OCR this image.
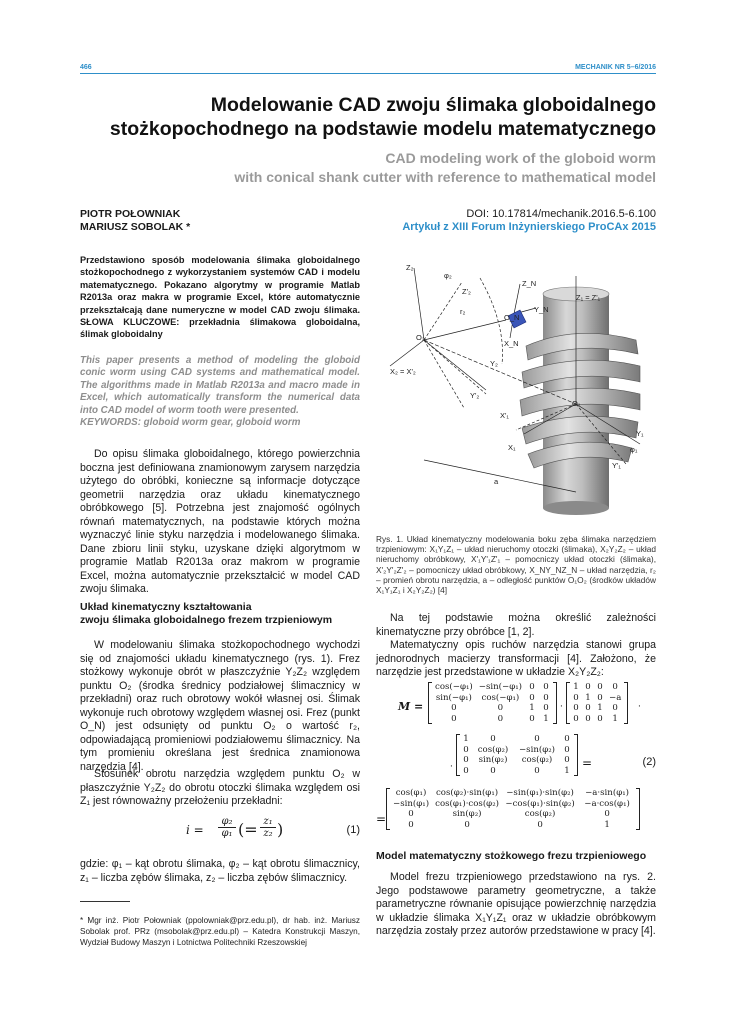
466	MECHANIK NR 5–6/2016
Modelowanie CAD zwoju ślimaka globoidalnego
stożkopochodnego na podstawie modelu matematycznego
CAD modeling work of the globoid worm
with conical shank cutter with reference to mathematical model
PIOTR POŁOWNIAK
MARIUSZ SOBOLAK *
DOI: 10.17814/mechanik.2016.5-6.100
Artykuł z XIII Forum Inżynierskiego ProCAx 2015
Przedstawiono sposób modelowania ślimaka globoidalnego stożkopochodnego z wykorzystaniem systemów CAD i modelu matematycznego. Pokazano algorytmy w programie Matlab R2013a oraz makra w programie Excel, które automatycznie przekształcają dane numeryczne w model CAD zwoju ślimaka. SŁOWA KLUCZOWE: przekładnia ślimakowa globoidalna, ślimak globoidalny
This paper presents a method of modeling the globoid conic worm using CAD systems and mathematical model. The algorithms made in Matlab R2013a and macro made in Excel, which automatically transform the numerical data into CAD model of worm tooth were presented.
KEYWORDS: globoid worm gear, globoid worm
Do opisu ślimaka globoidalnego, którego powierzchnia boczna jest definiowana znamionowym zarysem narzędzia użytego do obróbki, konieczne są informacje dotyczące geometrii narzędzia oraz układu kinematycznego obróbkowego [5]. Potrzebna jest znajomość ogólnych równań matematycznych, na podstawie których można wyznaczyć linie styku narzędzia i modelowanego ślimaka. Dane zbioru linii styku, uzyskane dzięki algorytmom w programie Matlab R2013a oraz makrom w programie Excel, można automatycznie przekształcić w model CAD zwoju ślimaka.
Układ kinematyczny kształtowania
zwoju ślimaka globoidalnego frezem trzpieniowym
W modelowaniu ślimaka stożkopochodnego wychodzi się od znajomości układu kinematycznego (rys. 1). Frez stożkowy wykonuje obrót w płaszczyźnie Y₂Z₂ względem punktu O₂ (środka średnicy podziałowej ślimacznicy w przekładni) oraz ruch obrotowy wokół własnej osi. Ślimak wykonuje ruch obrotowy względem własnej osi. Frez (punkt O_N) jest odsunięty od punktu O₂ o wartość r₂, odpowiadającą promieniowi podziałowemu ślimacznicy. Na tym promieniu określana jest średnica znamionowa narzędzia [4].
Stosunek obrotu narzędzia względem punktu O₂ w płaszczyźnie Y₂Z₂ do obrotu otoczki ślimaka względem osi Z₁ jest równoważny przełożeniu przekładni:
i =
φ₂
φ₁ (= z₁
z₂ )	(1)
gdzie: φ₁ – kąt obrotu ślimaka, φ₂ – kąt obrotu ślimacznicy, z₁ – liczba zębów ślimaka, z₂ – liczba zębów ślimacznicy.
* Mgr inż. Piotr Połowniak (ppolowniak@prz.edu.pl), dr hab. inż. Mariusz Sobolak prof. PRz (msobolak@prz.edu.pl) – Katedra Konstrukcji Maszyn, Wydział Budowy Maszyn i Lotnictwa Politechniki Rzeszowskiej
Z₂
φ₂
Z'₂
r₂
Z_N
O_N
Y_N
X_N
O₂
X₂ = X'₂
Y₂
Y'₂
Z₁ = Z'₁
O₁
X'₁
X₁
Y₁
φ₁
Y'₁
a
Rys. 1. Układ kinematyczny modelowania boku zęba ślimaka narzędziem trzpieniowym: X₁Y₁Z₁ – układ nieruchomy otoczki (ślimaka), X₂Y₂Z₂ – układ nieruchomy obróbkowy, X'₁Y'₁Z'₁ – pomocniczy układ otoczki (ślimaka), X'₂Y'₂Z'₂ – pomocniczy układ obróbkowy, X_NY_NZ_N – układ narzędzia, r₂ – promień obrotu narzędzia, a – odległość punktów O₁O₂ (środków układów X₁Y₁Z₁ i X₂Y₂Z₂) [4]
Na tej podstawie można określić zależności kinematyczne przy obróbce [1, 2].
Matematyczny opis ruchów narzędzia stanowi grupa jednorodnych macierzy transformacji [4]. Założono, że narzędzie jest przedstawione w układzie X₂Y₂Z₂:
M =
cos(−φ₁)	−sin(−φ₁)	0	0
sin(−φ₁)	cos(−φ₁)	0	0
0	0	1	0
0	0	0	1
·
1	0	0	0
0	1	0	−a
0	0	1	0
0	0	0	1
·
·
1	0	0	0
0	cos(φ₂)	−sin(φ₂)	0
0	sin(φ₂)	cos(φ₂)	0
0	0	0	1
=	(2)
=
cos(φ₁)	cos(φ₂)·sin(φ₁)	−sin(φ₁)·sin(φ₂)	−a·sin(φ₁)
−sin(φ₁)	cos(φ₁)·cos(φ₂)	−cos(φ₁)·sin(φ₂)	−a·cos(φ₁)
0	sin(φ₂)	cos(φ₂)	0
0	0	0	1
Model matematyczny stożkowego frezu trzpieniowego
Model frezu trzpieniowego przedstawiono na rys. 2. Jego podstawowe parametry geometryczne, a także parametryczne równanie opisujące powierzchnię narzędzia w układzie ślimaka X₁Y₁Z₁ oraz w układzie obróbkowym narzędzia zostały przez autorów przedstawione w pracy [4].
